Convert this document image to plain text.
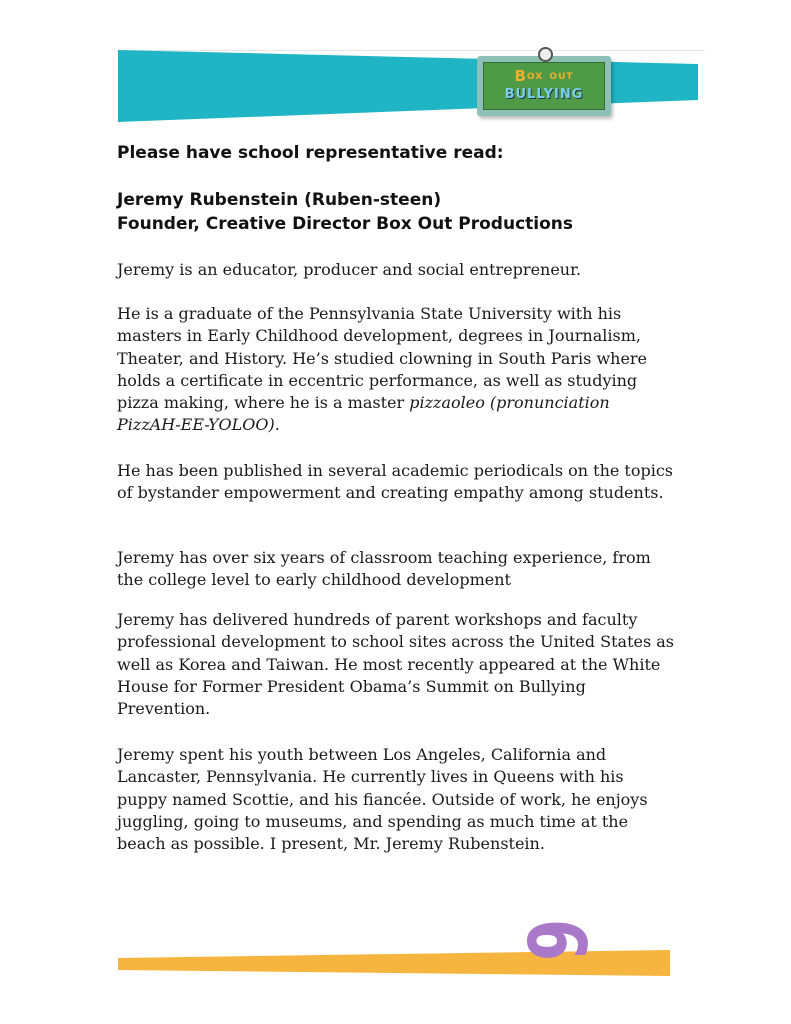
BOX OUT
BULLYING
Please have school representative read:
Jeremy Rubenstein (Ruben-steen)
Founder, Creative Director Box Out Productions
Jeremy is an educator, producer and social entrepreneur.
He is a graduate of the Pennsylvania State University with his masters in Early Childhood development, degrees in Journalism, Theater, and History. He’s studied clowning in South Paris where holds a certificate in eccentric performance, as well as studying pizza making, where he is a master pizzaoleo (pronunciation PizzAH-EE-YOLOO).
He has been published in several academic periodicals on the topics of bystander empowerment and creating empathy among students.
Jeremy has over six years of classroom teaching experience, from the college level to early childhood development
Jeremy has delivered hundreds of parent workshops and faculty professional development to school sites across the United States as well as Korea and Taiwan. He most recently appeared at the White House for Former President Obama’s Summit on Bullying Prevention.
Jeremy spent his youth between Los Angeles, California and Lancaster, Pennsylvania. He currently lives in Queens with his puppy named Scottie, and his fiancée. Outside of work, he enjoys juggling, going to museums, and spending as much time at the beach as possible. I present, Mr. Jeremy Rubenstein.
6
